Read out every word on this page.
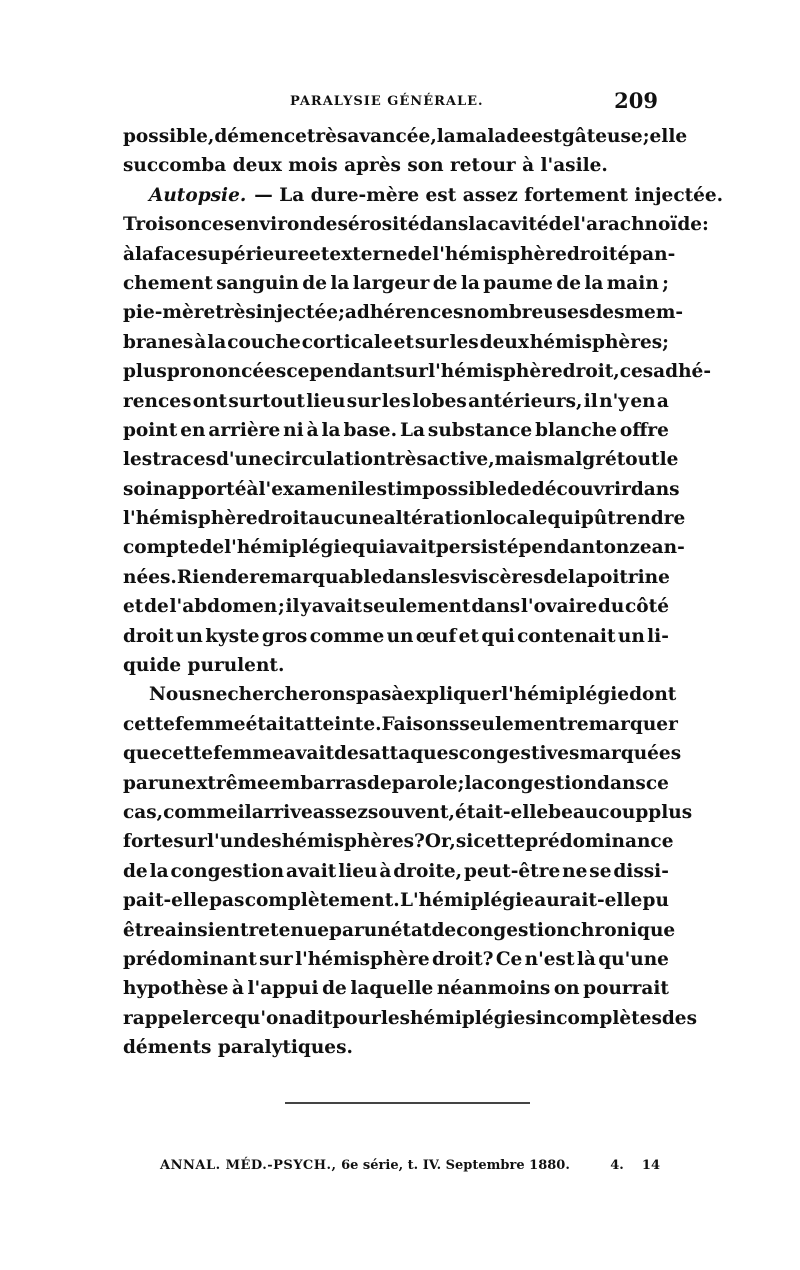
PARALYSIE GÉNÉRALE.	209
possible, démence très avancée, la malade est gâteuse ; elle
succomba deux mois après son retour à l'asile.
Autopsie. — La dure-mère est assez fortement injectée.
Trois onces environ de sérosité dans la cavité de l'arachnoïde :
à la face supérieure et externe de l'hémisphère droit épan-
chement sanguin de la largeur de la paume de la main ;
pie-mère très injectée ; adhérences nombreuses des mem-
branes à la couche corticale et sur les deux hémisphères;
plus prononcées cependant sur l'hémisphère droit, ces adhé-
rences ont surtout lieu sur les lobes antérieurs, il n'y en a
point en arrière ni à la base. La substance blanche offre
les traces d'une circulation très active, mais malgré tout le
soin apporté à l'examen il est impossible de découvrir dans
l'hémisphère droit aucune altération locale qui pût rendre
compte de l'hémiplégie qui avait persisté pendant onze an-
nées. Rien de remarquable dans les viscères de la poitrine
et de l'abdomen ; il y avait seulement dans l'ovaire du côté
droit un kyste gros comme un œuf et qui contenait un li-
quide purulent.
Nous ne chercherons pas à expliquer l'hémiplégie dont
cette femme était atteinte. Faisons seulement remarquer
que cette femme avait des attaques congestives marquées
par un extrême embarras de parole ; la congestion dans ce
cas, comme il arrive assez souvent, était-elle beaucoup plus
forte sur l'un des hémisphères? Or, si cette prédominance
de la congestion avait lieu à droite, peut-être ne se dissi-
pait-elle pas complètement. L'hémiplégie aurait-elle pu
être ainsi entretenue par un état de congestion chronique
prédominant sur l'hémisphère droit? Ce n'est là qu'une
hypothèse à l'appui de laquelle néanmoins on pourrait
rappeler ce qu'on a dit pour les hémiplégies incomplètes des
déments paralytiques.
ANNAL. MÉD.-PSYCH., 6e série, t. IV. Septembre 1880.	4. 14
